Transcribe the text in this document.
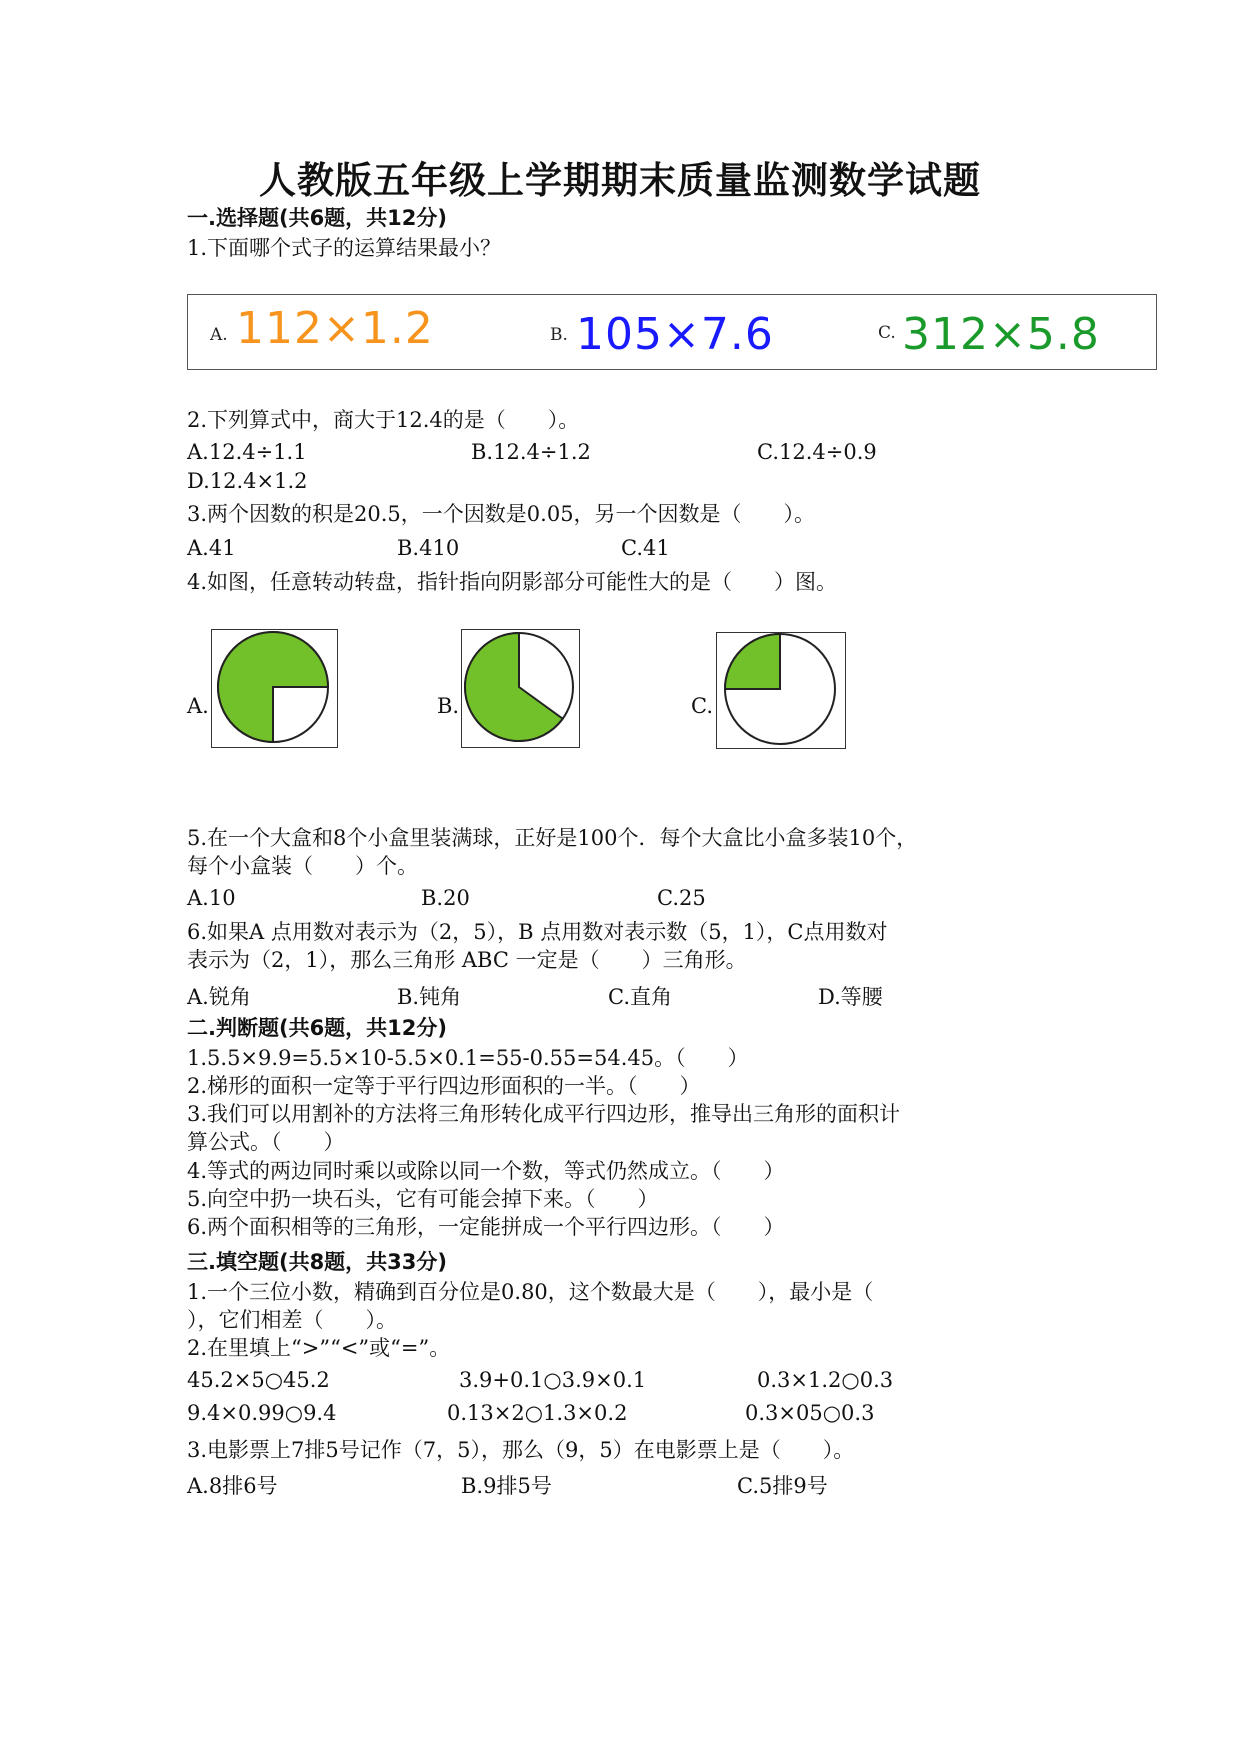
人教版五年级上学期期末质量监测数学试题
一.选择题(共6题，共12分)
1.下面哪个式子的运算结果最小？
A. 112×1.2	B. 105×7.6	C. 312×5.8
2.下列算式中，商大于12.4的是（　　）。
A.12.4÷1.1	B.12.4÷1.2	C.12.4÷0.9
D.12.4×1.2
3.两个因数的积是20.5，一个因数是0.05，另一个因数是（　　）。
A.41	B.410	C.41
4.如图，任意转动转盘，指针指向阴影部分可能性大的是（　　）图。
A.	B.	C.
5.在一个大盒和8个小盒里装满球，正好是100个．每个大盒比小盒多装10个，
每个小盒装（　　）个。
A.10	B.20	C.25
6.如果A 点用数对表示为（2，5），B 点用数对表示数（5，1），C点用数对
表示为（2，1），那么三角形 ABC 一定是（　　）三角形。
A.锐角	B.钝角	C.直角	D.等腰
二.判断题(共6题，共12分)
1.5.5×9.9=5.5×10-5.5×0.1=55-0.55=54.45。（　　）
2.梯形的面积一定等于平行四边形面积的一半。（　　）
3.我们可以用割补的方法将三角形转化成平行四边形，推导出三角形的面积计
算公式。（　　）
4.等式的两边同时乘以或除以同一个数，等式仍然成立。（　　）
5.向空中扔一块石头，它有可能会掉下来。（　　）
6.两个面积相等的三角形，一定能拼成一个平行四边形。（　　）
三.填空题(共8题，共33分)
1.一个三位小数，精确到百分位是0.80，这个数最大是（　　），最小是（
），它们相差（　　）。
2.在里填上“>”“<”或“=”。
45.2×5○45.2	3.9+0.1○3.9×0.1	0.3×1.2○0.3
9.4×0.99○9.4	0.13×2○1.3×0.2	0.3×05○0.3
3.电影票上7排5号记作（7，5），那么（9，5）在电影票上是（　　）。
A.8排6号	B.9排5号	C.5排9号
